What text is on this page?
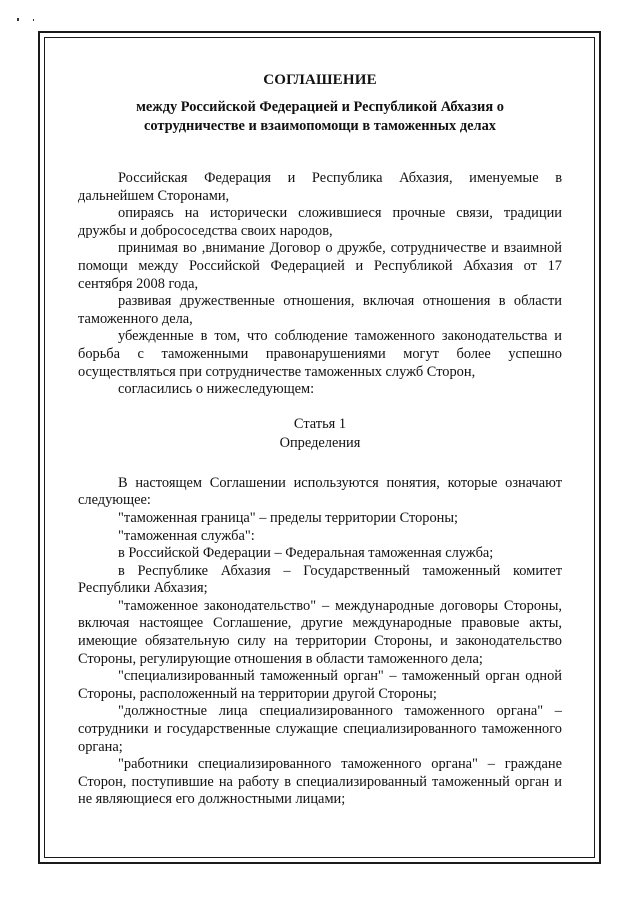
СОГЛАШЕНИЕ

между Российской Федерацией и Республикой Абхазия о
сотрудничестве и взаимопомощи в таможенных делах

Российская Федерация и Республика Абхазия, именуемые в дальнейшем Сторонами,

опираясь на исторически сложившиеся прочные связи, традиции дружбы и добрососедства своих народов,

принимая во ,внимание Договор о дружбе, сотрудничестве и взаимной помощи между Российской Федерацией и Республикой Абхазия от 17 сентября 2008 года,

развивая дружественные отношения, включая отношения в области таможенного дела,

убежденные в том, что соблюдение таможенного законодательства и борьба с таможенными правонарушениями могут более успешно осуществляться при сотрудничестве таможенных служб Сторон,

согласились о нижеследующем:

Статья 1

Определения

В настоящем Соглашении используются понятия, которые означают следующее:

"таможенная граница" – пределы территории Стороны;

"таможенная служба":

в Российской Федерации – Федеральная таможенная служба;

в Республике Абхазия – Государственный таможенный комитет Республики Абхазия;

"таможенное законодательство" – международные договоры Стороны, включая настоящее Соглашение, другие международные правовые акты, имеющие обязательную силу на территории Стороны, и законодательство Стороны, регулирующие отношения в области таможенного дела;

"специализированный таможенный орган" – таможенный орган одной Стороны, расположенный на территории другой Стороны;

"должностные лица специализированного таможенного органа" – сотрудники и государственные служащие специализированного таможенного органа;

"работники специализированного таможенного органа" – граждане Сторон, поступившие на работу в специализированный таможенный орган и не являющиеся его должностными лицами;
